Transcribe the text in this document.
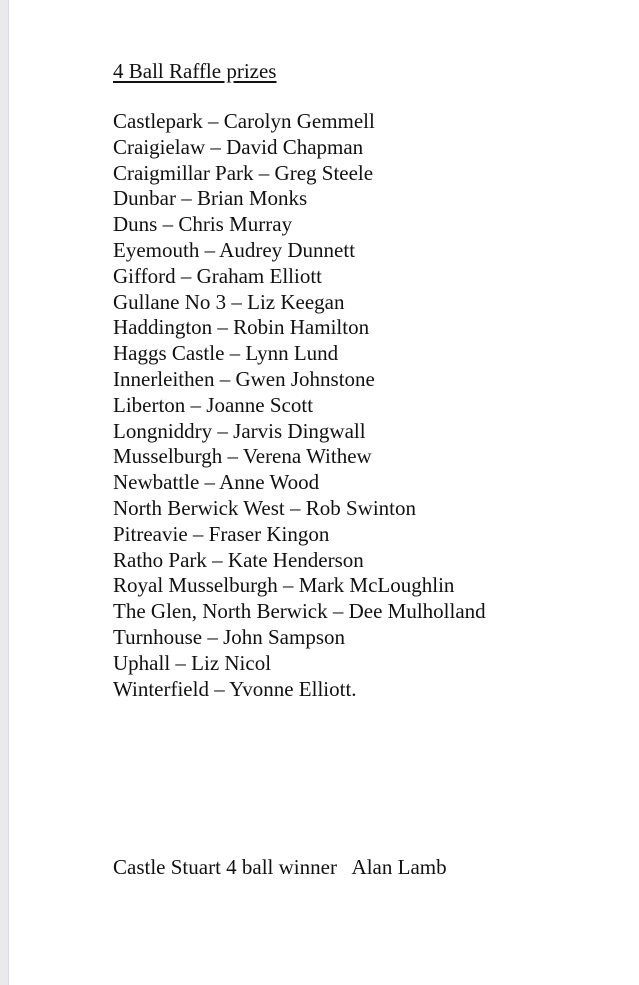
4 Ball Raffle prizes
Castlepark – Carolyn Gemmell
Craigielaw – David Chapman
Craigmillar Park – Greg Steele
Dunbar – Brian Monks
Duns – Chris Murray
Eyemouth – Audrey Dunnett
Gifford – Graham Elliott
Gullane No 3 – Liz Keegan
Haddington – Robin Hamilton
Haggs Castle – Lynn Lund
Innerleithen – Gwen Johnstone
Liberton – Joanne Scott
Longniddry – Jarvis Dingwall
Musselburgh – Verena Withew
Newbattle – Anne Wood
North Berwick West – Rob Swinton
Pitreavie – Fraser Kingon
Ratho Park – Kate Henderson
Royal Musselburgh – Mark McLoughlin
The Glen, North Berwick – Dee Mulholland
Turnhouse – John Sampson
Uphall – Liz Nicol
Winterfield – Yvonne Elliott.
Castle Stuart 4 ball winner   Alan Lamb
